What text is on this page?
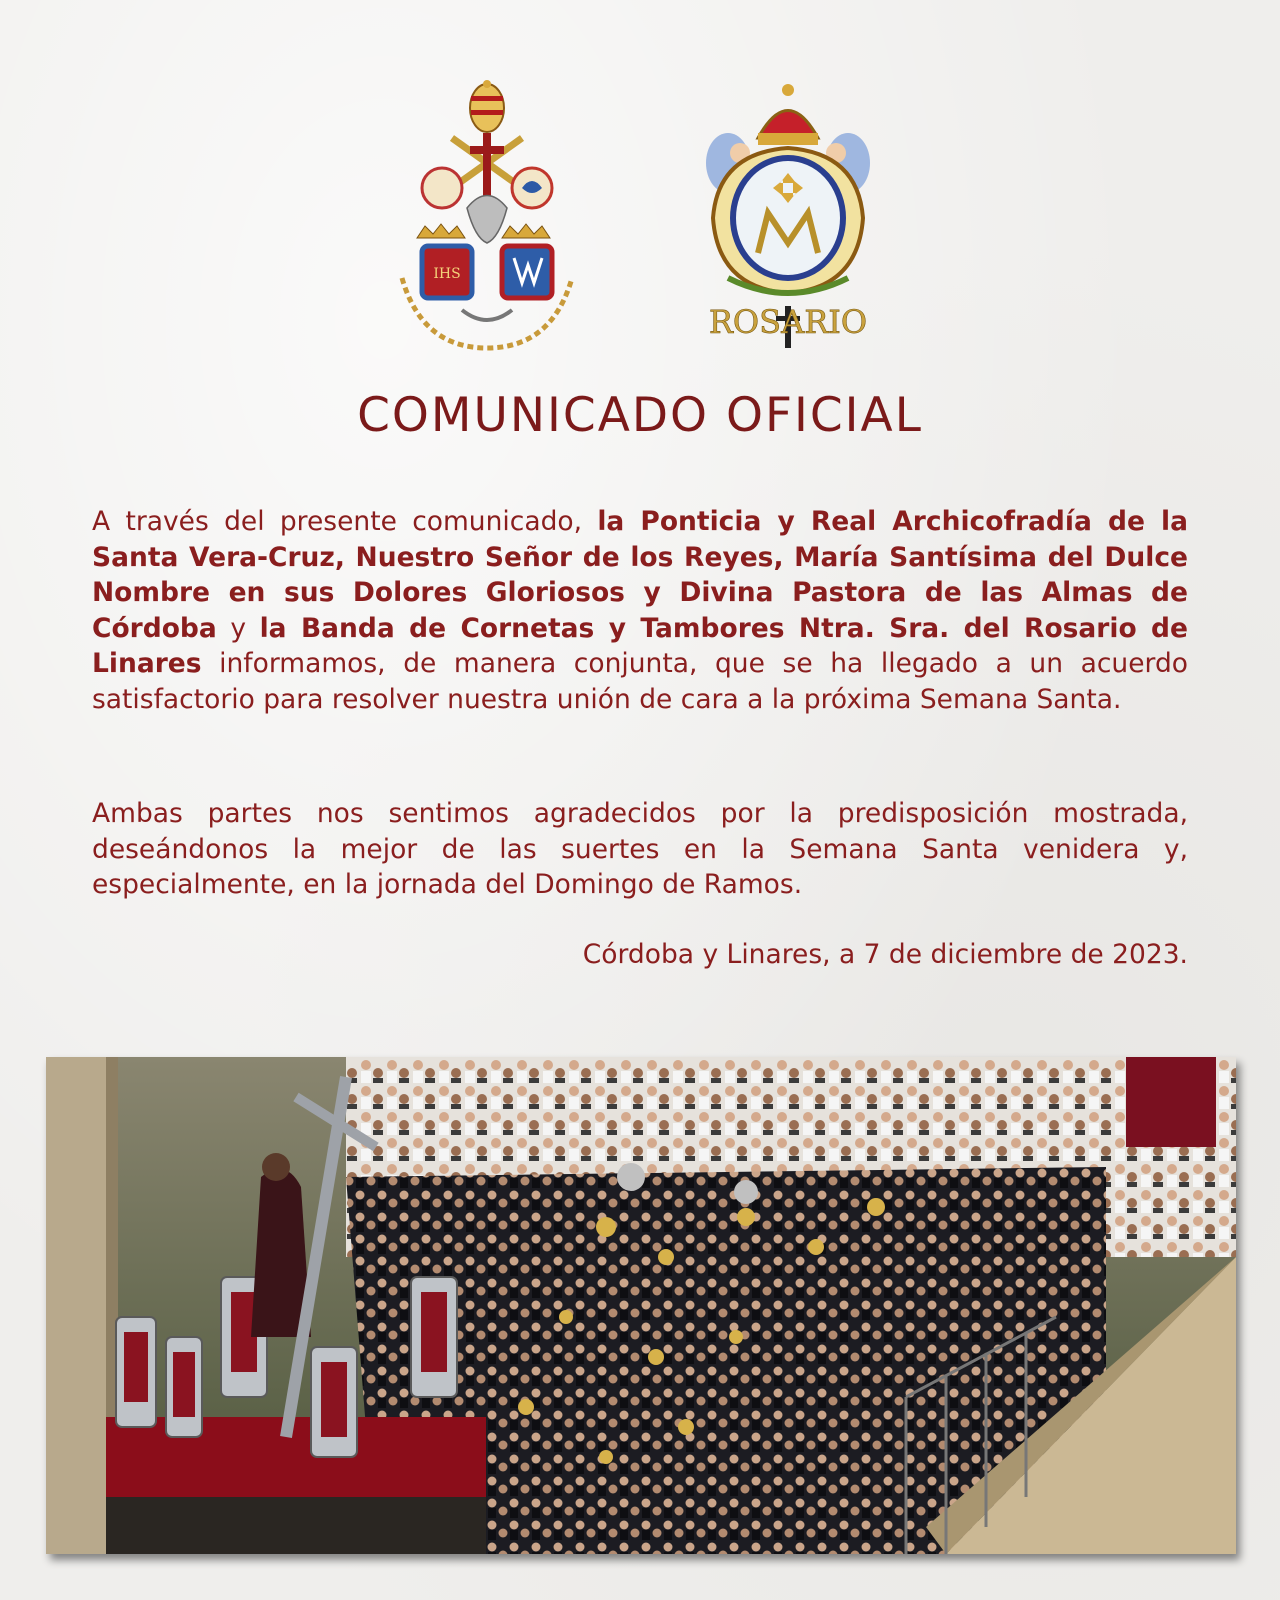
IHS
ROSARIO
COMUNICADO OFICIAL
A través del presente comunicado, la Ponticia y Real Archicofradía de la Santa Vera-Cruz, Nuestro Señor de los Reyes, María Santísima del Dulce Nombre en sus Dolores Gloriosos y Divina Pastora de las Almas de Córdoba y la Banda de Cornetas y Tambores Ntra. Sra. del Rosario de Linares informamos, de manera conjunta, que se ha llegado a un acuerdo satisfactorio para resolver nuestra unión de cara a la próxima Semana Santa.
Ambas partes nos sentimos agradecidos por la predisposición mostrada, deseándonos la mejor de las suertes en la Semana Santa venidera y, especialmente, en la jornada del Domingo de Ramos.
Córdoba y Linares, a 7 de diciembre de 2023.
